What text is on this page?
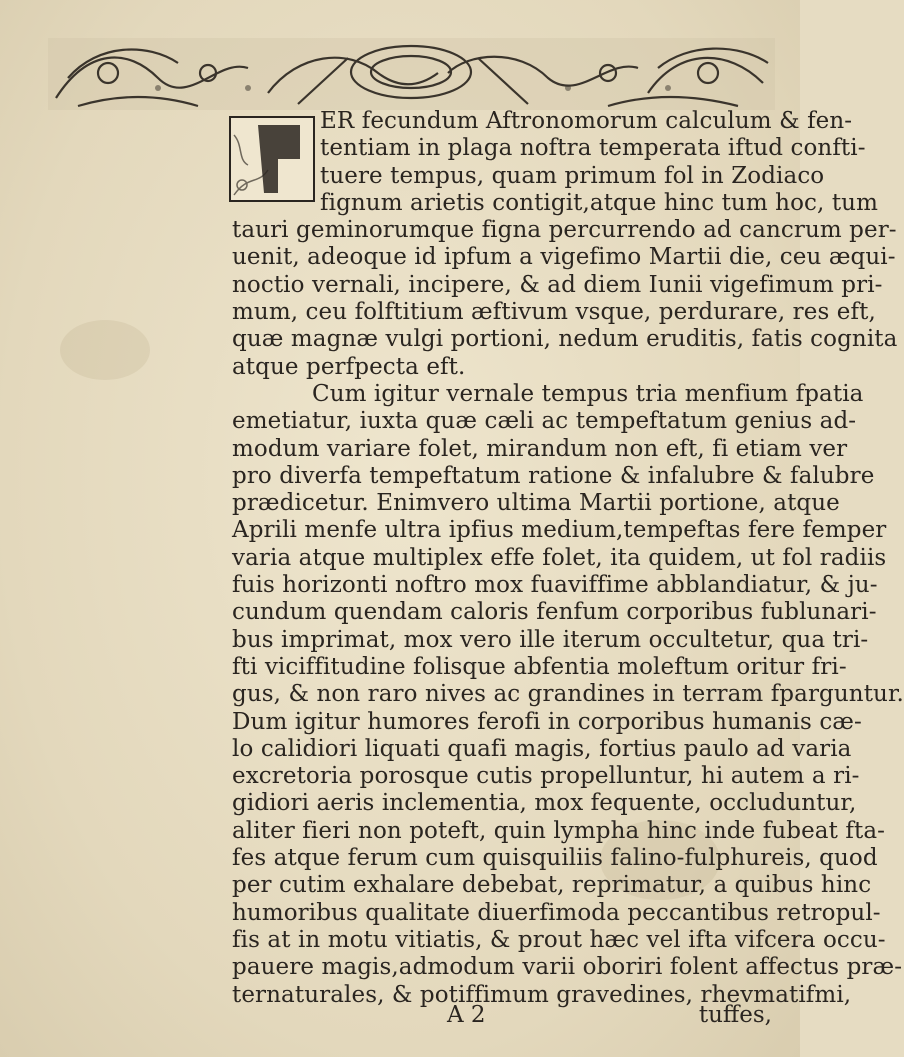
ER fecundum Aftronomorum calculum & fen-
tentiam in plaga noftra temperata iftud confti-
tuere tempus, quam primum fol in Zodiaco
fignum arietis contigit,atque hinc tum hoc, tum
tauri geminorumque figna percurrendo ad cancrum per-
uenit, adeoque id ipfum a vigefimo Martii die, ceu æqui-
noctio vernali, incipere, & ad diem Iunii vigefimum pri-
mum, ceu folftitium æftivum vsque, perdurare, res eft,
quæ magnæ vulgi portioni, nedum eruditis, fatis cognita
atque perfpecta eft.
Cum igitur vernale tempus tria menfium fpatia
emetiatur, iuxta quæ cæli ac tempeftatum genius ad-
modum variare folet, mirandum non eft, fi etiam ver
pro diverfa tempeftatum ratione & infalubre & falubre
prædicetur. Enimvero ultima Martii portione, atque
Aprili menfe ultra ipfius medium,tempeftas fere femper
varia atque multiplex effe folet, ita quidem, ut fol radiis
fuis horizonti noftro mox fuaviffime abblandiatur, & ju-
cundum quendam caloris fenfum corporibus fublunari-
bus imprimat, mox vero ille iterum occultetur, qua tri-
fti viciffitudine folisque abfentia moleftum oritur fri-
gus, & non raro nives ac grandines in terram fparguntur.
Dum igitur humores ferofi in corporibus humanis cæ-
lo calidiori liquati quafi magis, fortius paulo ad varia
excretoria porosque cutis propelluntur, hi autem a ri-
gidiori aeris inclementia, mox fequente, occluduntur,
aliter fieri non poteft, quin lympha hinc inde fubeat fta-
fes atque ferum cum quisquiliis falino-fulphureis, quod
per cutim exhalare debebat, reprimatur, a quibus hinc
humoribus qualitate diuerfimoda peccantibus retropul-
fis at in motu vitiatis, & prout hæc vel ifta vifcera occu-
pauere magis,admodum varii oboriri folent affectus præ-
ternaturales, & potiffimum gravedines, rhevmatifmi,
A 2	tuffes,
